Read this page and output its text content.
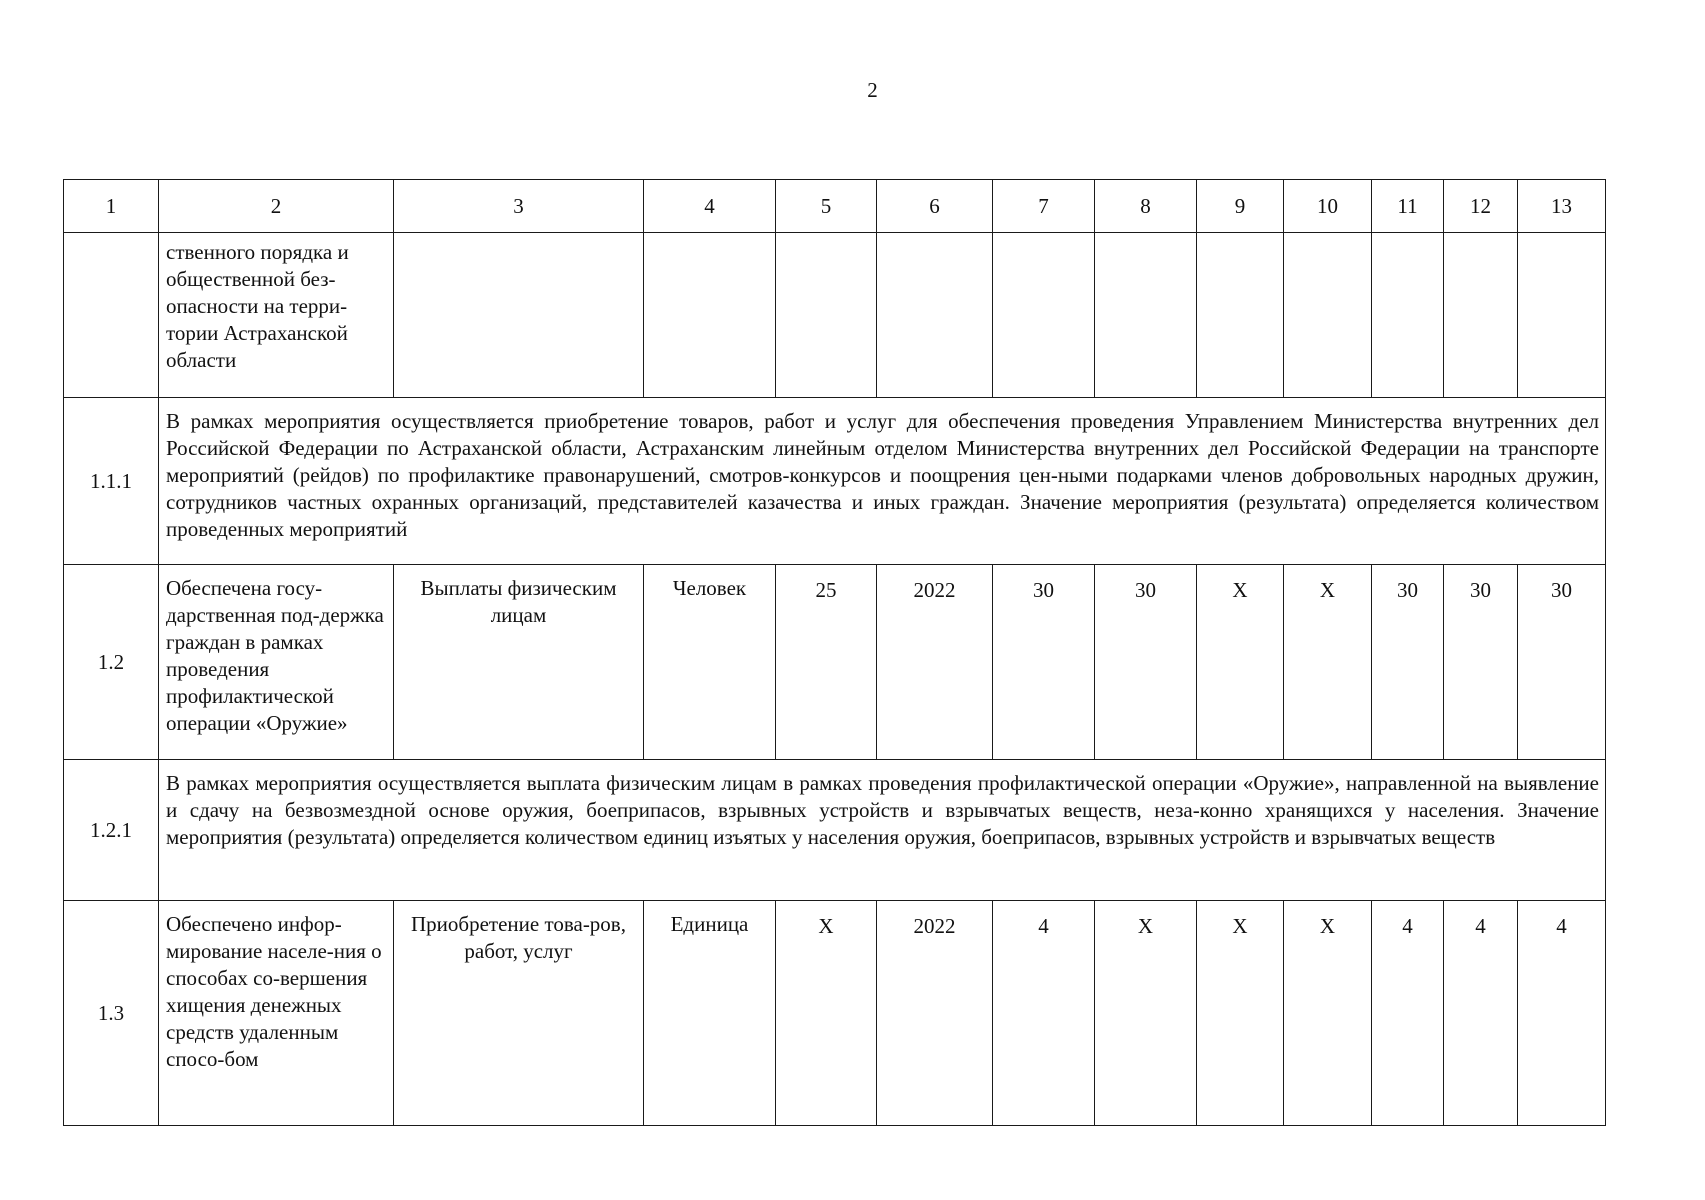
2
1	2	3	4	5	6	7	8	9	10	11	12	13
	ственного порядка и общественной без-опасности на терри-тории Астраханской области											
1.1.1	В рамках мероприятия осуществляется приобретение товаров, работ и услуг для обеспечения проведения Управлением Министерства внутренних дел Российской Федерации по Астраханской области, Астраханским линейным отделом Министерства внутренних дел Российской Федерации на транспорте мероприятий (рейдов) по профилактике правонарушений, смотров-конкурсов и поощрения цен-ными подарками членов добровольных народных дружин, сотрудников частных охранных организаций, представителей казачества и иных граждан. Значение мероприятия (результата) определяется количеством проведенных мероприятий											
1.2	Обеспечена госу-дарственная под-держка граждан в рамках проведения профилактической операции «Оружие»	Выплаты физическим лицам	Человек	25	2022	30	30	X	X	30	30	30
1.2.1	В рамках мероприятия осуществляется выплата физическим лицам в рамках проведения профилактической операции «Оружие», направленной на выявление и сдачу на безвозмездной основе оружия, боеприпасов, взрывных устройств и взрывчатых веществ, неза-конно хранящихся у населения. Значение мероприятия (результата) определяется количеством единиц изъятых у населения оружия, боеприпасов, взрывных устройств и взрывчатых веществ											
1.3	Обеспечено инфор-мирование населе-ния о способах со-вершения хищения денежных средств удаленным спосо-бом	Приобретение това-ров, работ, услуг	Единица	X	2022	4	X	X	X	4	4	4
